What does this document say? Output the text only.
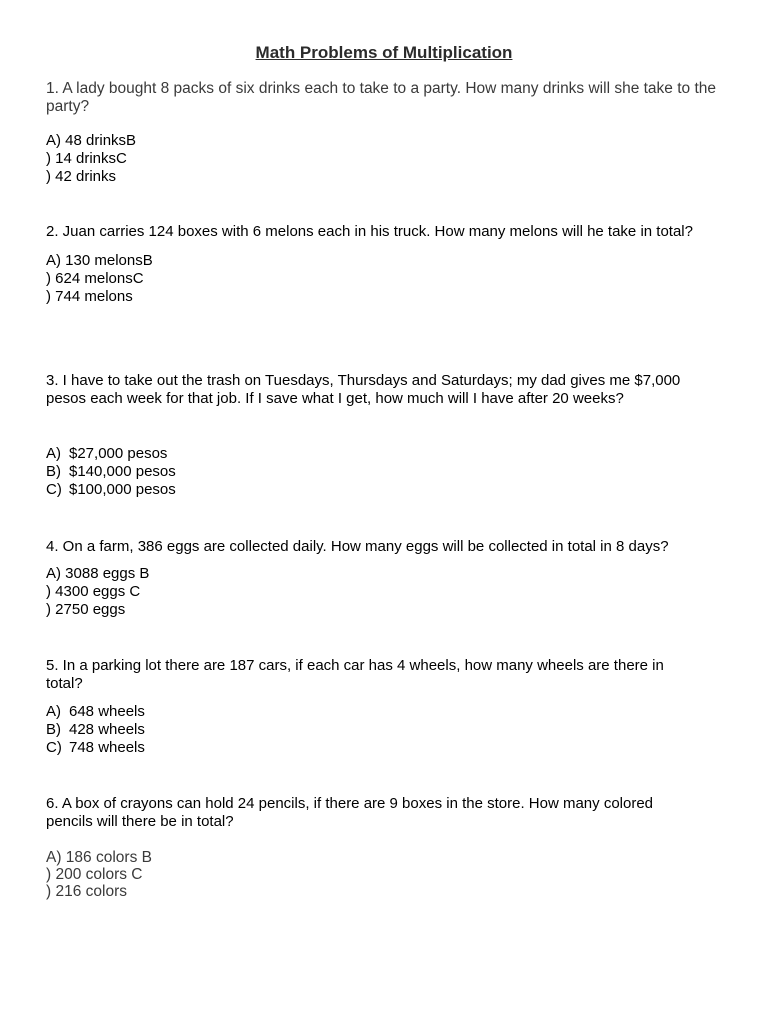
Math Problems of Multiplication
1. A lady bought 8 packs of six drinks each to take to a party. How many drinks will she take to the party?
A) 48 drinksB
) 14 drinksC
) 42 drinks
2. Juan carries 124 boxes with 6 melons each in his truck. How many melons will he take in total?
A) 130 melonsB
) 624 melonsC
) 744 melons
3. I have to take out the trash on Tuesdays, Thursdays and Saturdays; my dad gives me $7,000
pesos each week for that job. If I save what I get, how much will I have after 20 weeks?
A) $27,000 pesos
B) $140,000 pesos
C) $100,000 pesos
4. On a farm, 386 eggs are collected daily. How many eggs will be collected in total in 8 days?
A) 3088 eggs B
) 4300 eggs C
) 2750 eggs
5. In a parking lot there are 187 cars, if each car has 4 wheels, how many wheels are there in
total?
A) 648 wheels
B) 428 wheels
C) 748 wheels
6. A box of crayons can hold 24 pencils, if there are 9 boxes in the store. How many colored
pencils will there be in total?
A) 186 colors B
) 200 colors C
) 216 colors
